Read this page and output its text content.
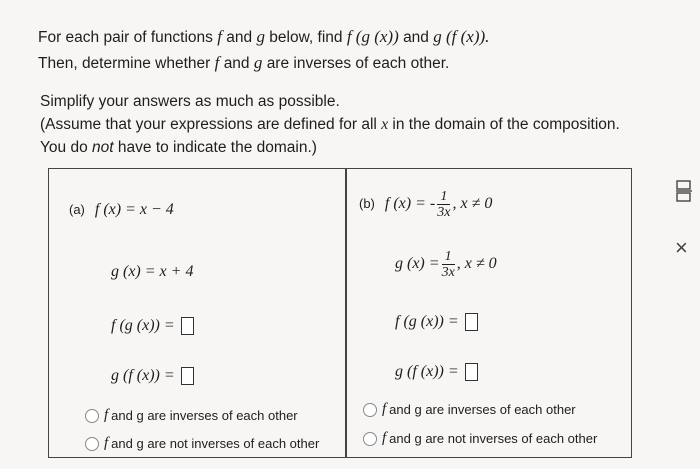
For each pair of functions f and g below, find f (g (x)) and g (f (x)).
Then, determine whether f and g are inverses of each other.
Simplify your answers as much as possible.
(Assume that your expressions are defined for all x in the domain of the composition.
You do not have to indicate the domain.)
(a) f (x) = x − 4
g (x) = x + 4
f (g (x)) =
g (f (x)) =
f and g are inverses of each other
f and g are not inverses of each other
(b) f (x) = - $\frac{1}{3x}$ , x ≠ 0
g $(x) = \frac{1}{3x}$ , x ≠ 0
f (g (x)) =
g (f (x)) =
f and g are inverses of each other
f and g are not inverses of each other
×
